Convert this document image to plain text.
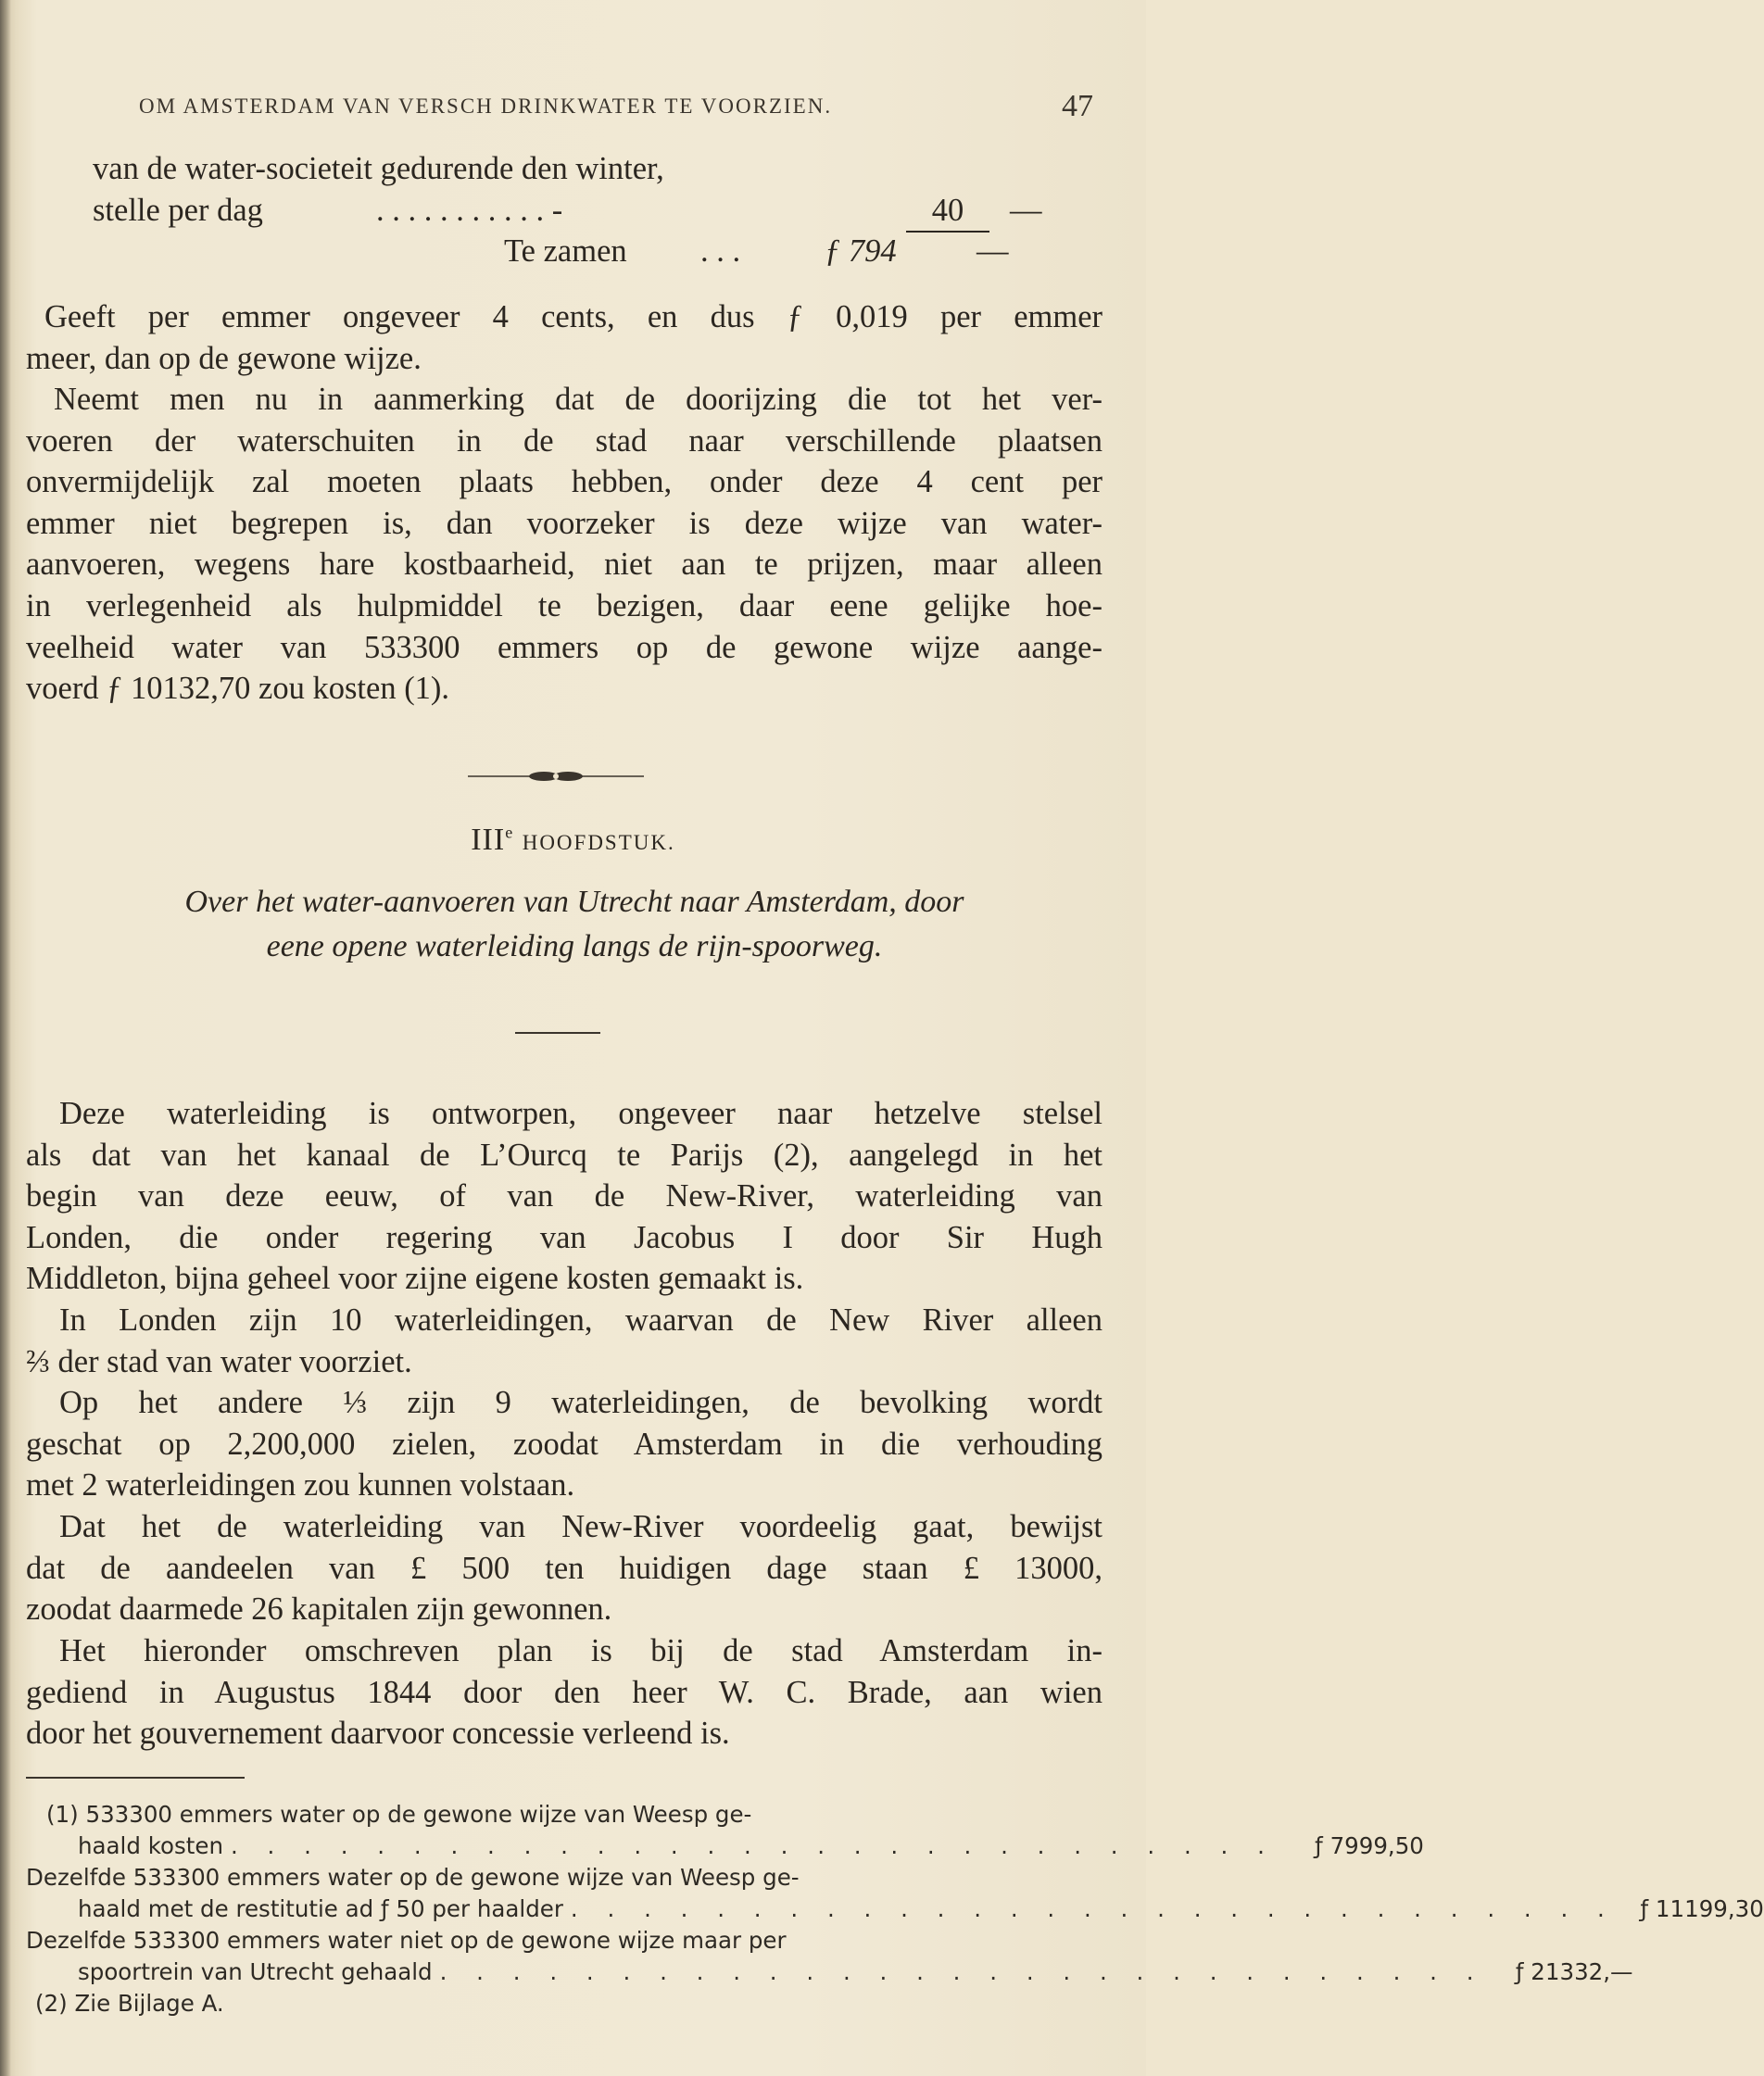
OM AMSTERDAM VAN VERSCH DRINKWATER TE VOORZIEN.	47
van de water-societeit gedurende den winter,
stelle per dag	. . . . . . . . . . . -	40	—
Te zamen . . .	ƒ 794	—
Geeft per emmer ongeveer 4 cents, en dus ƒ 0,019 per emmer
meer, dan op de gewone wijze.
Neemt men nu in aanmerking dat de doorijzing die tot het ver-
voeren der waterschuiten in de stad naar verschillende plaatsen
onvermijdelijk zal moeten plaats hebben, onder deze 4 cent per
emmer niet begrepen is, dan voorzeker is deze wijze van water-
aanvoeren, wegens hare kostbaarheid, niet aan te prijzen, maar alleen
in verlegenheid als hulpmiddel te bezigen, daar eene gelijke hoe-
veelheid water van 533300 emmers op de gewone wijze aange-
voerd ƒ 10132,70 zou kosten (1).
IIIe HOOFDSTUK.
Over het water-aanvoeren van Utrecht naar Amsterdam, door
eene opene waterleiding langs de rijn-spoorweg.
Deze waterleiding is ontworpen, ongeveer naar hetzelve stelsel
als dat van het kanaal de L’Ourcq te Parijs (2), aangelegd in het
begin van deze eeuw, of van de New-River, waterleiding van
Londen, die onder regering van Jacobus I door Sir Hugh
Middleton, bijna geheel voor zijne eigene kosten gemaakt is.
In Londen zijn 10 waterleidingen, waarvan de New River alleen
⅔ der stad van water voorziet.
Op het andere ⅓ zijn 9 waterleidingen, de bevolking wordt
geschat op 2,200,000 zielen, zoodat Amsterdam in die verhouding
met 2 waterleidingen zou kunnen volstaan.
Dat het de waterleiding van New-River voordeelig gaat, bewijst
dat de aandeelen van £ 500 ten huidigen dage staan £ 13000,
zoodat daarmede 26 kapitalen zijn gewonnen.
Het hieronder omschreven plan is bij de stad Amsterdam in-
gediend in Augustus 1844 door den heer W. C. Brade, aan wien
door het gouvernement daarvoor concessie verleend is.
(1) 533300 emmers water op de gewone wijze van Weesp ge-
haald kosten . . . . . . . . . . . . . . . . . . . . . . . . . . . . .	ƒ 7999,50
Dezelfde 533300 emmers water op de gewone wijze van Weesp ge-
haald met de restitutie ad ƒ 50 per haalder . . . . . . . . . . . . . . . . . . . . . . . . . . . . .	ƒ 11199,30
Dezelfde 533300 emmers water niet op de gewone wijze maar per
spoortrein van Utrecht gehaald . . . . . . . . . . . . . . . . . . . . . . . . . . . . .	ƒ 21332,—
(2) Zie Bijlage A.
